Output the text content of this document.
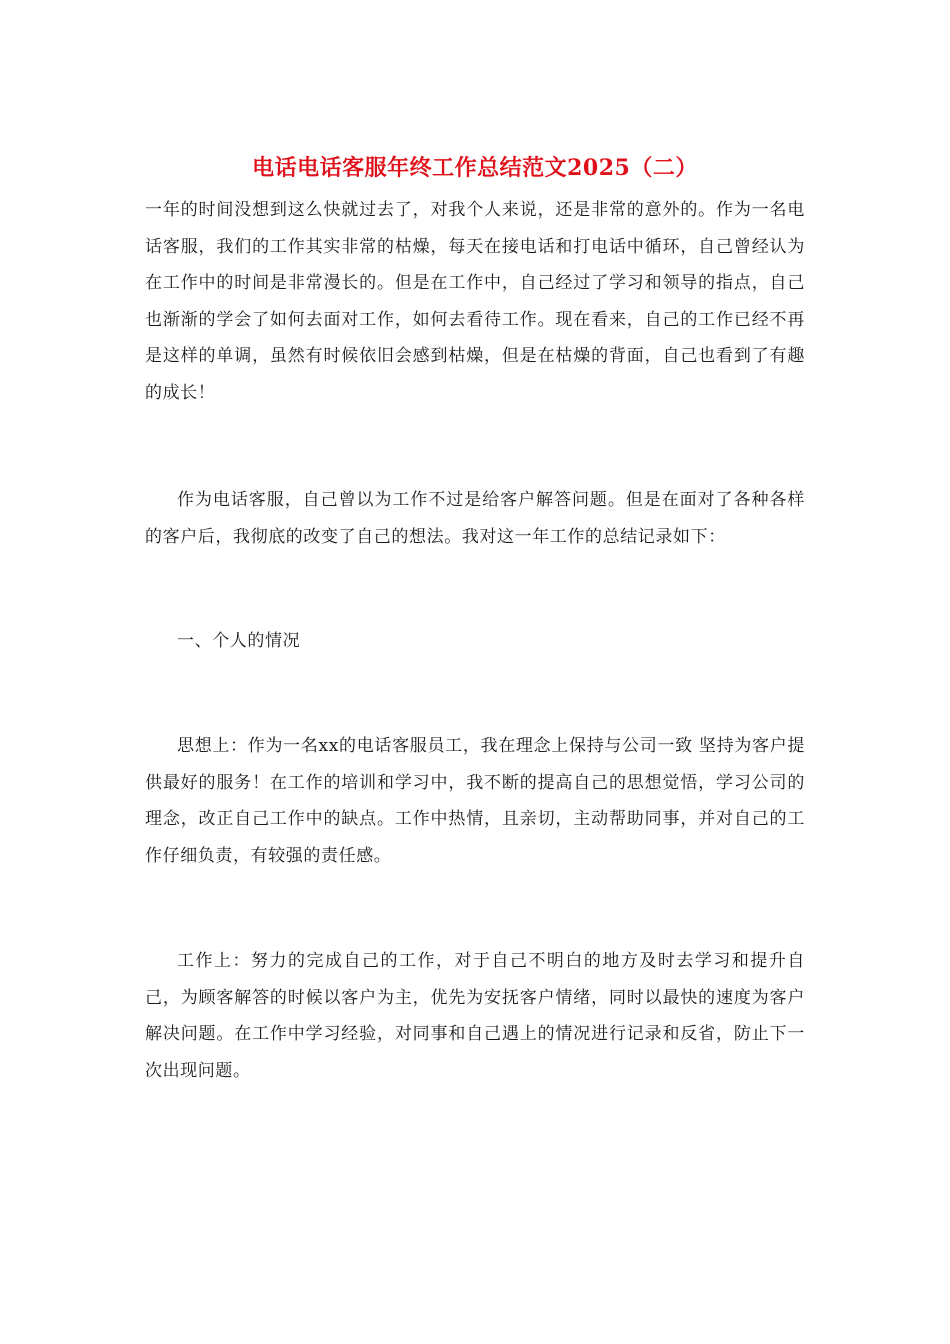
电话电话客服年终工作总结范文2025（二）

一年的时间没想到这么快就过去了，对我个人来说，还是非常的意外的。作为一名电话客服，我们的工作其实非常的枯燥，每天在接电话和打电话中循环，自己曾经认为在工作中的时间是非常漫长的。但是在工作中，自己经过了学习和领导的指点，自己也渐渐的学会了如何去面对工作，如何去看待工作。现在看来，自己的工作已经不再是这样的单调，虽然有时候依旧会感到枯燥，但是在枯燥的背面，自己也看到了有趣的成长！

作为电话客服，自己曾以为工作不过是给客户解答问题。但是在面对了各种各样的客户后，我彻底的改变了自己的想法。我对这一年工作的总结记录如下：

一、个人的情况

思想上：作为一名xx的电话客服员工，我在理念上保持与公司一致 坚持为客户提供最好的服务！在工作的培训和学习中，我不断的提高自己的思想觉悟，学习公司的理念，改正自己工作中的缺点。工作中热情，且亲切，主动帮助同事，并对自己的工作仔细负责，有较强的责任感。

工作上：努力的完成自己的工作，对于自己不明白的地方及时去学习和提升自己，为顾客解答的时候以客户为主，优先为安抚客户情绪，同时以最快的速度为客户解决问题。在工作中学习经验，对同事和自己遇上的情况进行记录和反省，防止下一次出现问题。
